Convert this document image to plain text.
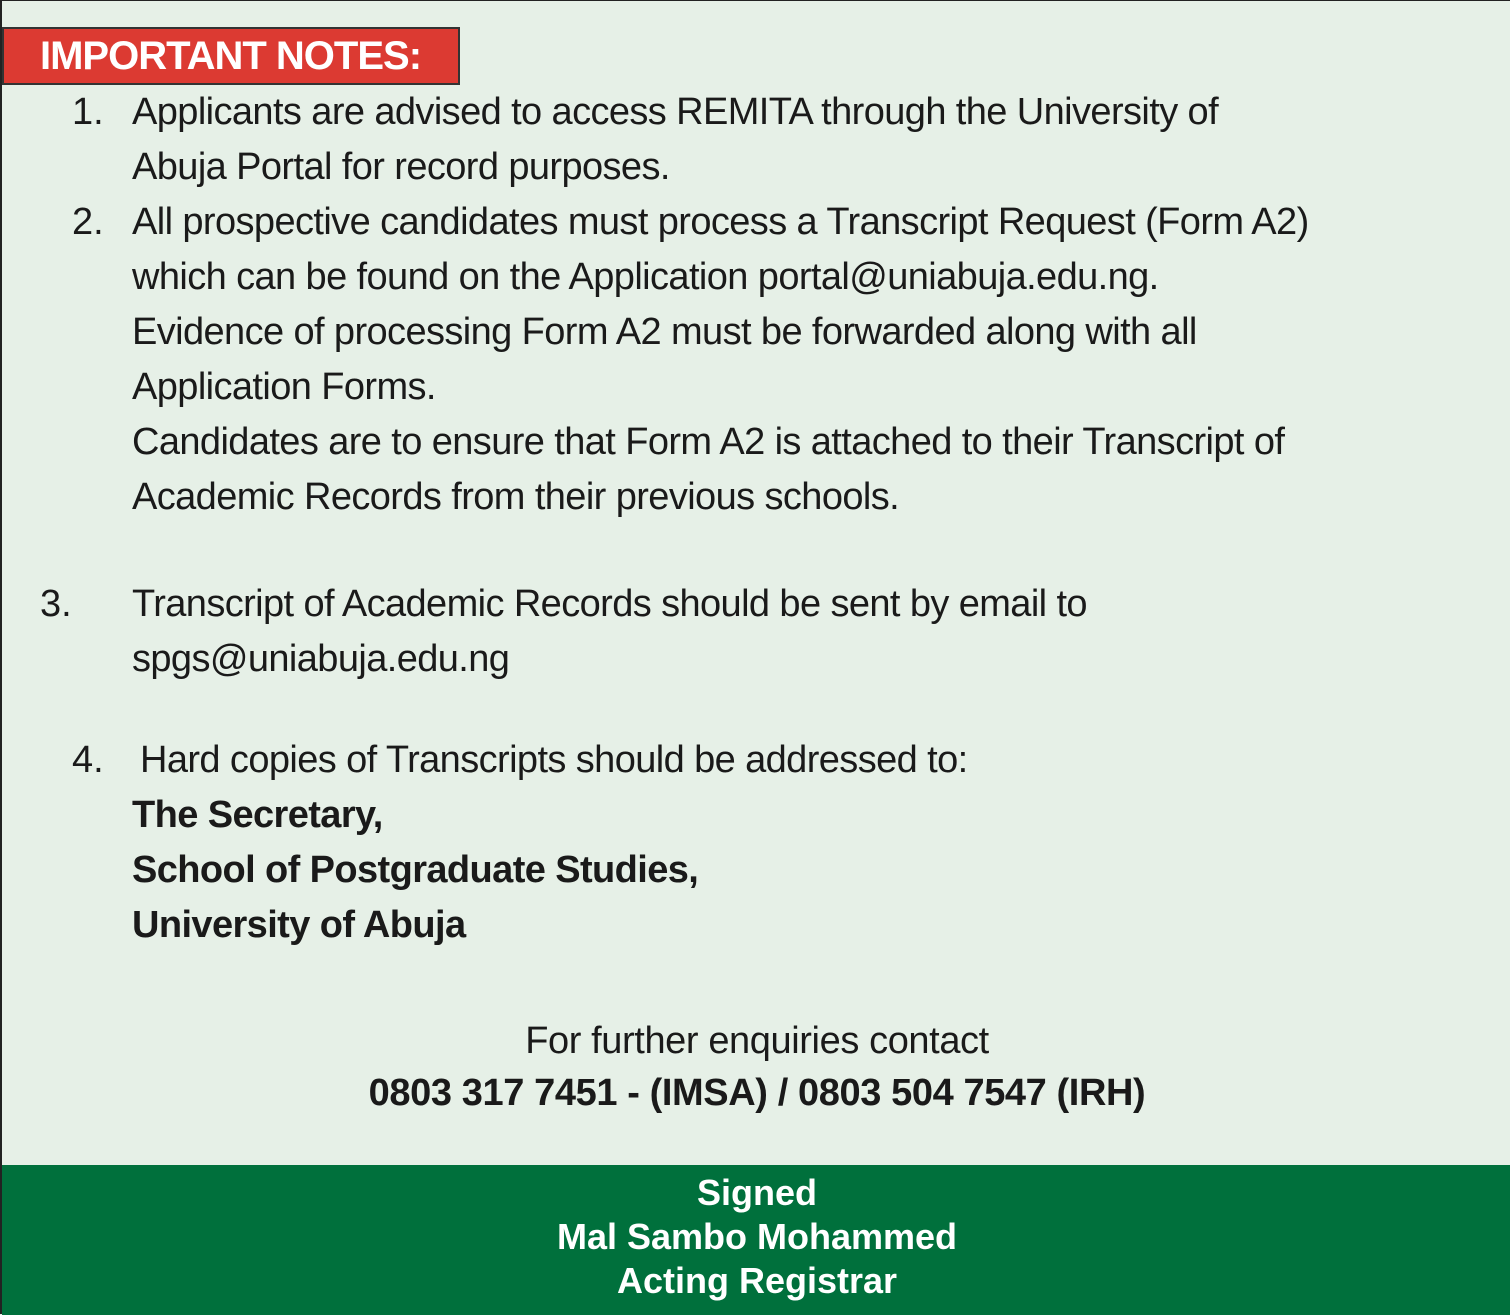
IMPORTANT NOTES:
1. Applicants are advised to access REMITA through the University of
Abuja Portal for record purposes.
2. All prospective candidates must process a Transcript Request (Form A2)
which can be found on the Application portal@uniabuja.edu.ng.
Evidence of processing Form A2 must be forwarded along with all
Application Forms.
Candidates are to ensure that Form A2 is attached to their Transcript of
Academic Records from their previous schools.
3. Transcript of Academic Records should be sent by email to
spgs@uniabuja.edu.ng
4. Hard copies of Transcripts should be addressed to:
The Secretary,
School of Postgraduate Studies,
University of Abuja
For further enquiries contact
0803 317 7451 - (IMSA) / 0803 504 7547 (IRH)
Signed
Mal Sambo Mohammed
Acting Registrar
